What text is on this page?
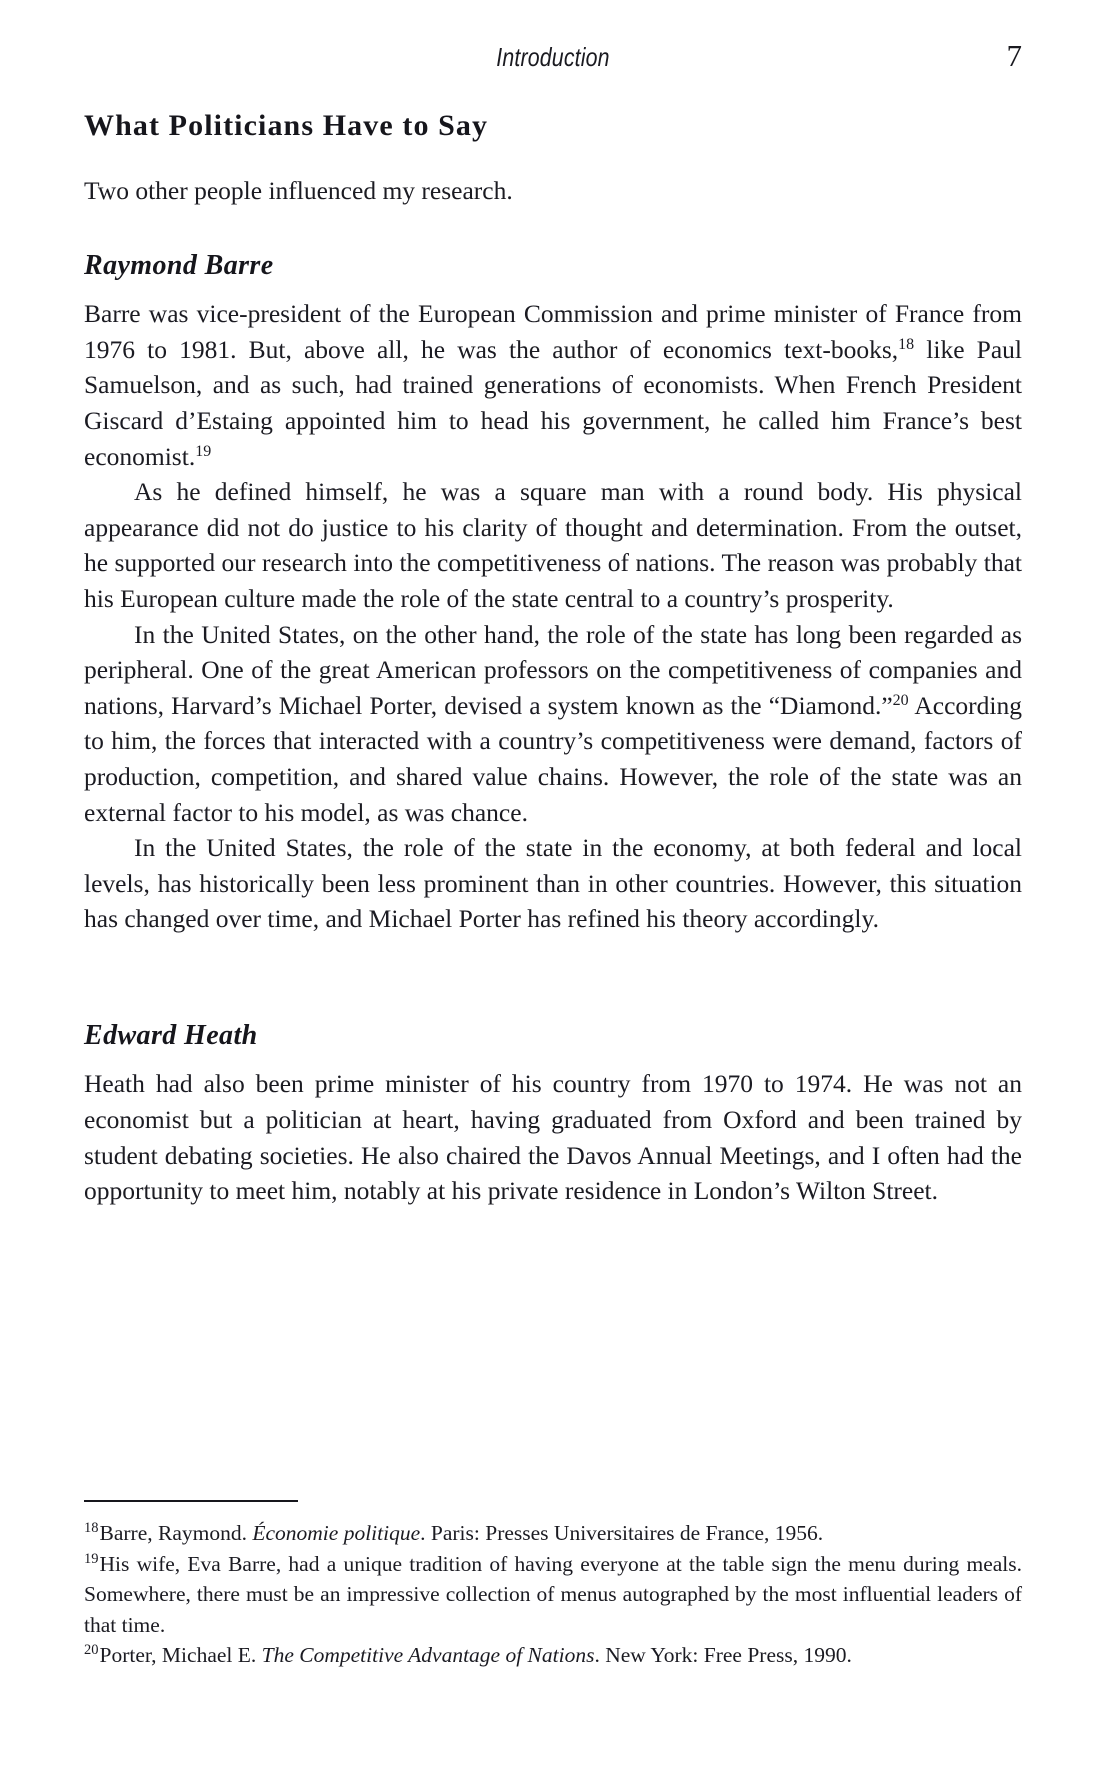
Introduction	7
What Politicians Have to Say

Two other people influenced my research.

Raymond Barre

Barre was vice-president of the European Commission and prime minister of France from 1976 to 1981. But, above all, he was the author of economics text-books,$^{18}$ like Paul Samuelson, and as such, had trained generations of economists. When French President Giscard d’Estaing appointed him to head his government, he called him France’s best economist.$^{19}$

As he defined himself, he was a square man with a round body. His physical appearance did not do justice to his clarity of thought and determination. From the outset, he supported our research into the competitiveness of nations. The reason was probably that his European culture made the role of the state central to a country’s prosperity.

In the United States, on the other hand, the role of the state has long been regarded as peripheral. One of the great American professors on the competitiveness of companies and nations, Harvard’s Michael Porter, devised a system known as the “Diamond.”$^{20}$ According to him, the forces that interacted with a country’s competitiveness were demand, factors of production, competition, and shared value chains. However, the role of the state was an external factor to his model, as was chance.

In the United States, the role of the state in the economy, at both federal and local levels, has historically been less prominent than in other countries. However, this situation has changed over time, and Michael Porter has refined his theory accordingly.

Edward Heath

Heath had also been prime minister of his country from 1970 to 1974. He was not an economist but a politician at heart, having graduated from Oxford and been trained by student debating societies. He also chaired the Davos Annual Meetings, and I often had the opportunity to meet him, notably at his private residence in London’s Wilton Street.

$^{18}$Barre, Raymond. Économie politique. Paris: Presses Universitaires de France, 1956.

$^{19}$His wife, Eva Barre, had a unique tradition of having everyone at the table sign the menu during meals. Somewhere, there must be an impressive collection of menus autographed by the most influential leaders of that time.

$^{20}$Porter, Michael E. The Competitive Advantage of Nations. New York: Free Press, 1990.
